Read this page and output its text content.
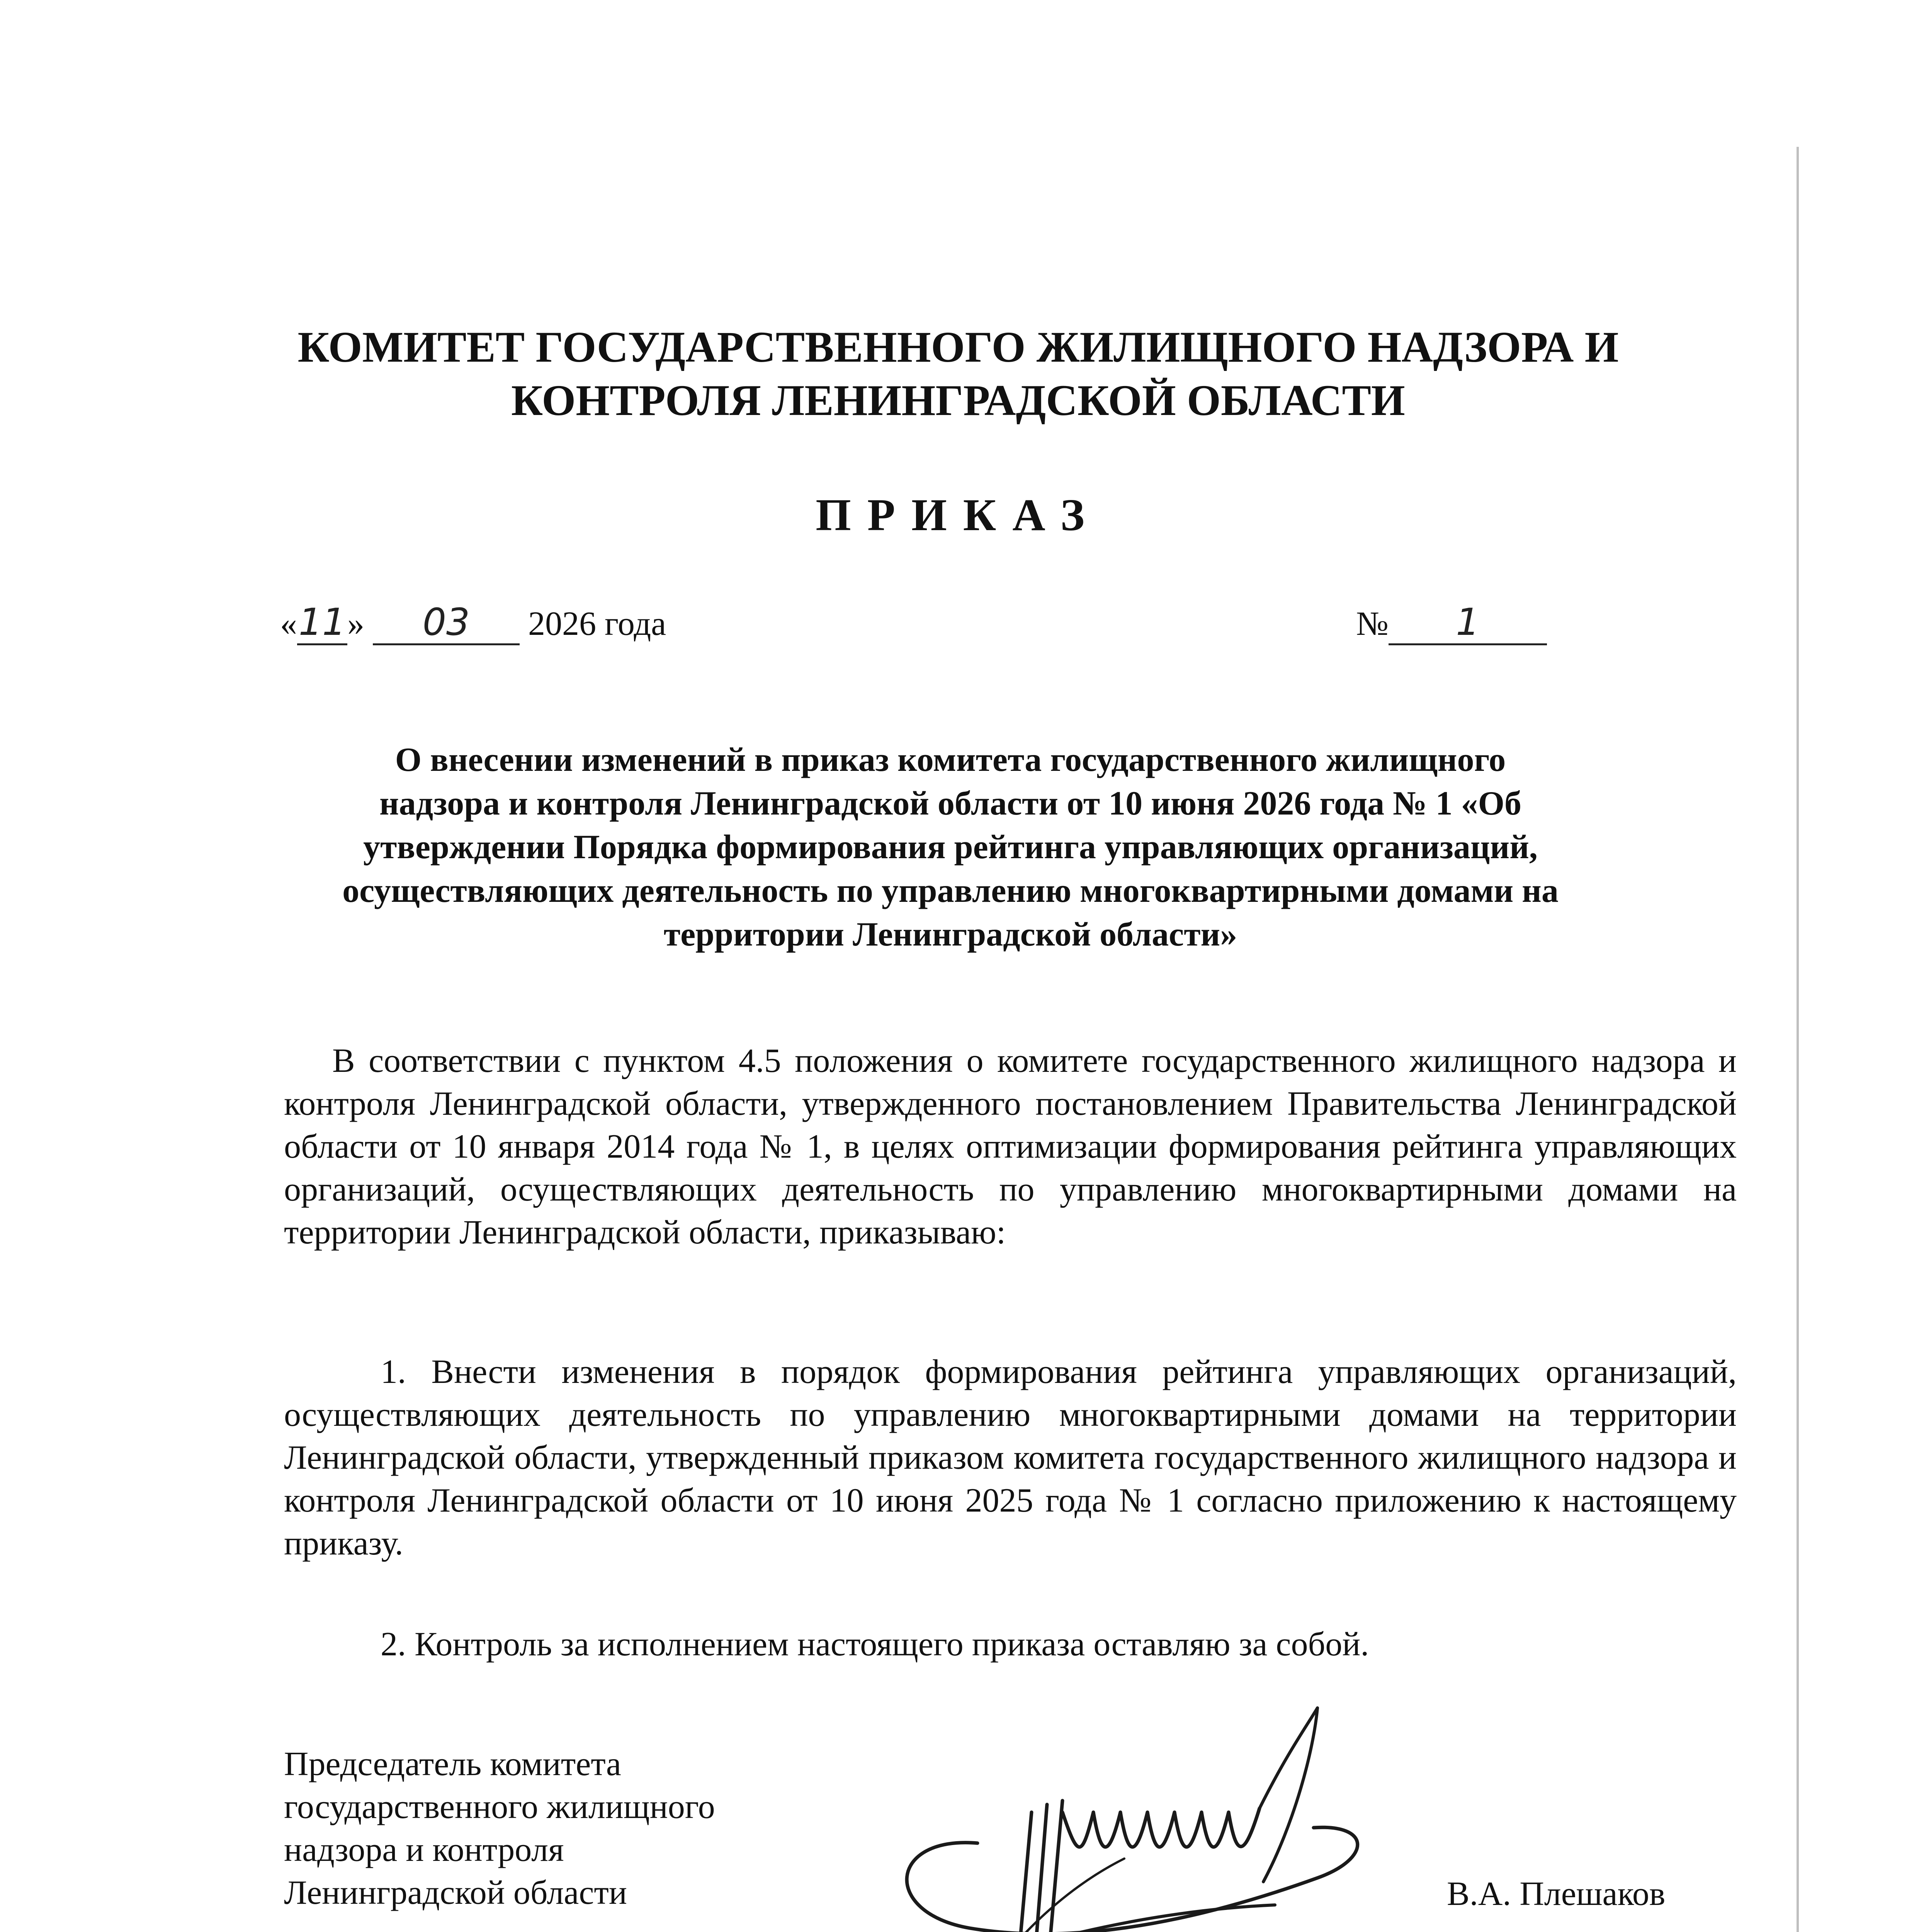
КОМИТЕТ ГОСУДАРСТВЕННОГО ЖИЛИЩНОГО НАДЗОРА И
КОНТРОЛЯ ЛЕНИНГРАДСКОЙ ОБЛАСТИ
ПРИКАЗ
«11» 03 2026 года	№ 1
О внесении изменений в приказ комитета государственного жилищного
надзора и контроля Ленинградской области от 10 июня 2026 года № 1 «Об
утверждении Порядка формирования рейтинга управляющих организаций,
осуществляющих деятельность по управлению многоквартирными домами на
территории Ленинградской области»

В соответствии с пунктом 4.5 положения о комитете государственного жилищного надзора и контроля Ленинградской области, утвержденного постановлением Правительства Ленинградской области от 10 января 2014 года № 1, в целях оптимизации формирования рейтинга управляющих организаций, осуществляющих деятельность по управлению многоквартирными домами на территории Ленинградской области, приказываю:

1. Внести изменения в порядок формирования рейтинга управляющих организаций, осуществляющих деятельность по управлению многоквартирными домами на территории Ленинградской области, утвержденный приказом комитета государственного жилищного надзора и контроля Ленинградской области от 10 июня 2025 года № 1 согласно приложению к настоящему приказу.

2. Контроль за исполнением настоящего приказа оставляю за собой.

Председатель комитета
государственного жилищного
надзора и контроля
Ленинградской области	В.А. Плешаков
